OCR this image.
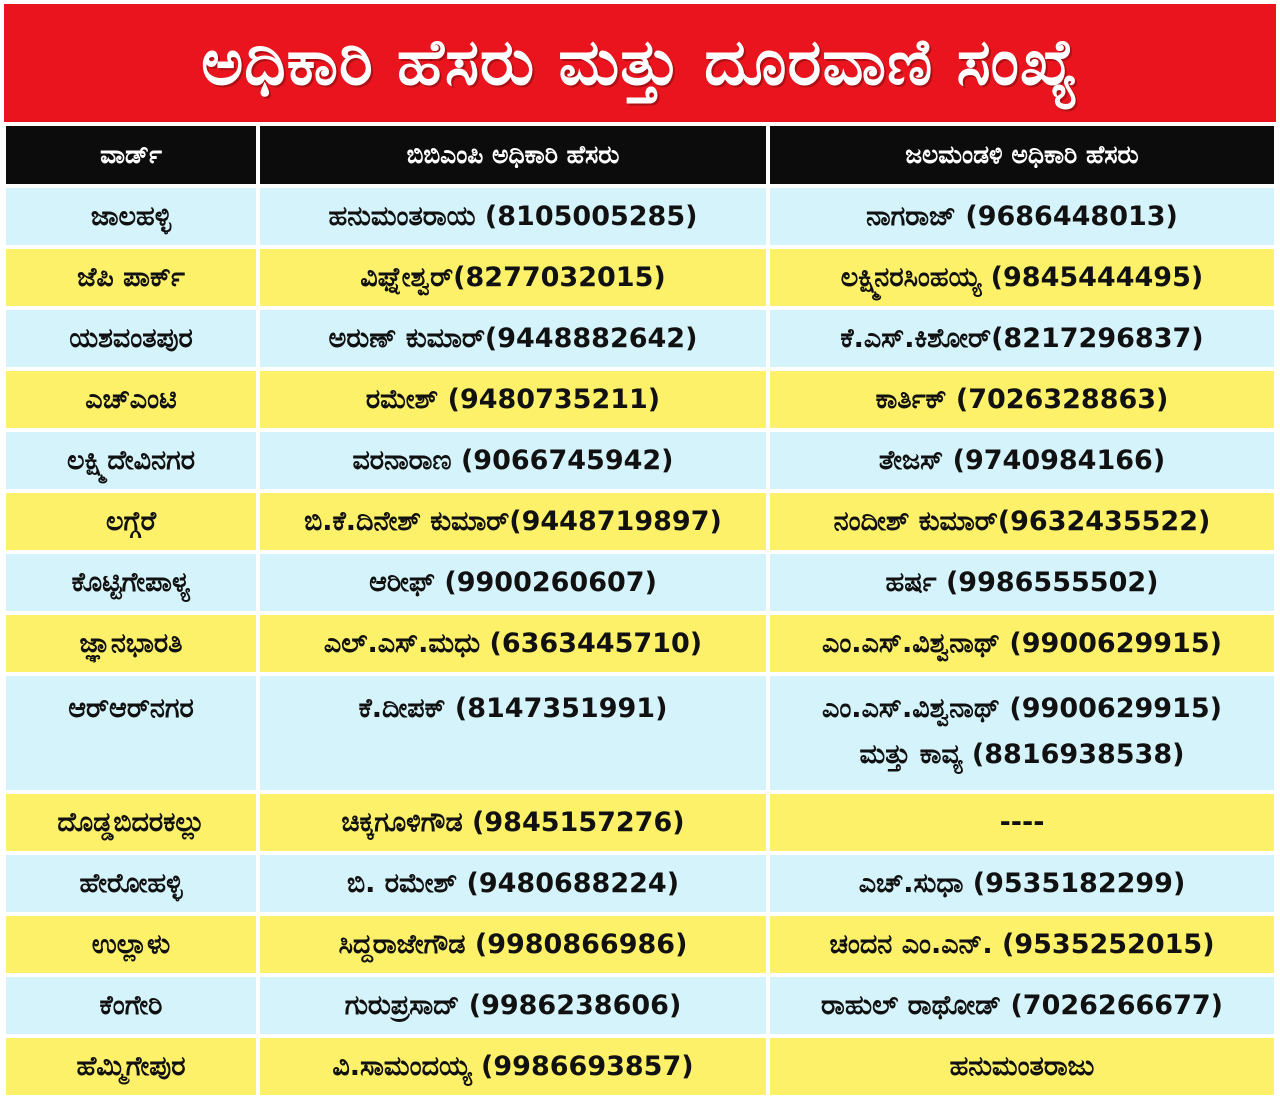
ಅಧಿಕಾರಿ ಹೆಸರು ಮತ್ತು ದೂರವಾಣಿ ಸಂಖ್ಯೆ
ವಾರ್ಡ್	ಬಿಬಿಎಂಪಿ ಅಧಿಕಾರಿ ಹೆಸರು	ಜಲಮಂಡಳಿ ಅಧಿಕಾರಿ ಹೆಸರು
ಜಾಲಹಳ್ಳಿ	ಹನುಮಂತರಾಯ (8105005285)	ನಾಗರಾಜ್ (9686448013)
ಜೆಪಿ ಪಾರ್ಕ್	ವಿಘ್ನೇಶ್ವರ್(8277032015)	ಲಕ್ಷ್ಮಿನರಸಿಂಹಯ್ಯ (9845444495)
ಯಶವಂತಪುರ	ಅರುಣ್ ಕುಮಾರ್(9448882642)	ಕೆ.ಎಸ್.ಕಿಶೋರ್(8217296837)
ಎಚ್‌ಎಂಟಿ	ರಮೇಶ್ (9480735211)	ಕಾರ್ತಿಕ್ (7026328863)
ಲಕ್ಷ್ಮಿದೇವಿನಗರ	ವರನಾರಾಣ (9066745942)	ತೇಜಸ್ (9740984166)
ಲಗ್ಗೆರೆ	ಬಿ.ಕೆ.ದಿನೇಶ್ ಕುಮಾರ್(9448719897)	ನಂದೀಶ್ ಕುಮಾರ್(9632435522)
ಕೊಟ್ಟಿಗೇಪಾಳ್ಯ	ಆರೀಫ್ (9900260607)	ಹರ್ಷ (9986555502)
ಜ್ಞಾನಭಾರತಿ	ಎಲ್.ಎಸ್.ಮಧು (6363445710)	ಎಂ.ಎಸ್.ವಿಶ್ವನಾಥ್ (9900629915)
ಆರ್‌ಆರ್‌ನಗರ	ಕೆ.ದೀಪಕ್ (8147351991)	ಎಂ.ಎಸ್.ವಿಶ್ವನಾಥ್ (9900629915)
ಮತ್ತು ಕಾವ್ಯ (8816938538)

ದೊಡ್ಡಬಿದರಕಲ್ಲು	ಚಿಕ್ಕಗೂಳಿಗೌಡ (9845157276)	----
ಹೇರೋಹಳ್ಳಿ	ಬಿ. ರಮೇಶ್ (9480688224)	ಎಚ್.ಸುಧಾ (9535182299)
ಉಲ್ಲಾಳು	ಸಿದ್ದರಾಜೇಗೌಡ (9980866986)	ಚಂದನ ಎಂ.ಎನ್. (9535252015)
ಕೆಂಗೇರಿ	ಗುರುಪ್ರಸಾದ್ (9986238606)	ರಾಹುಲ್ ರಾಥೋಡ್ (7026266677)
ಹೆಮ್ಮಿಗೇಪುರ	ವಿ.ಸಾಮಂದಯ್ಯ (9986693857)	ಹನುಮಂತರಾಜು
